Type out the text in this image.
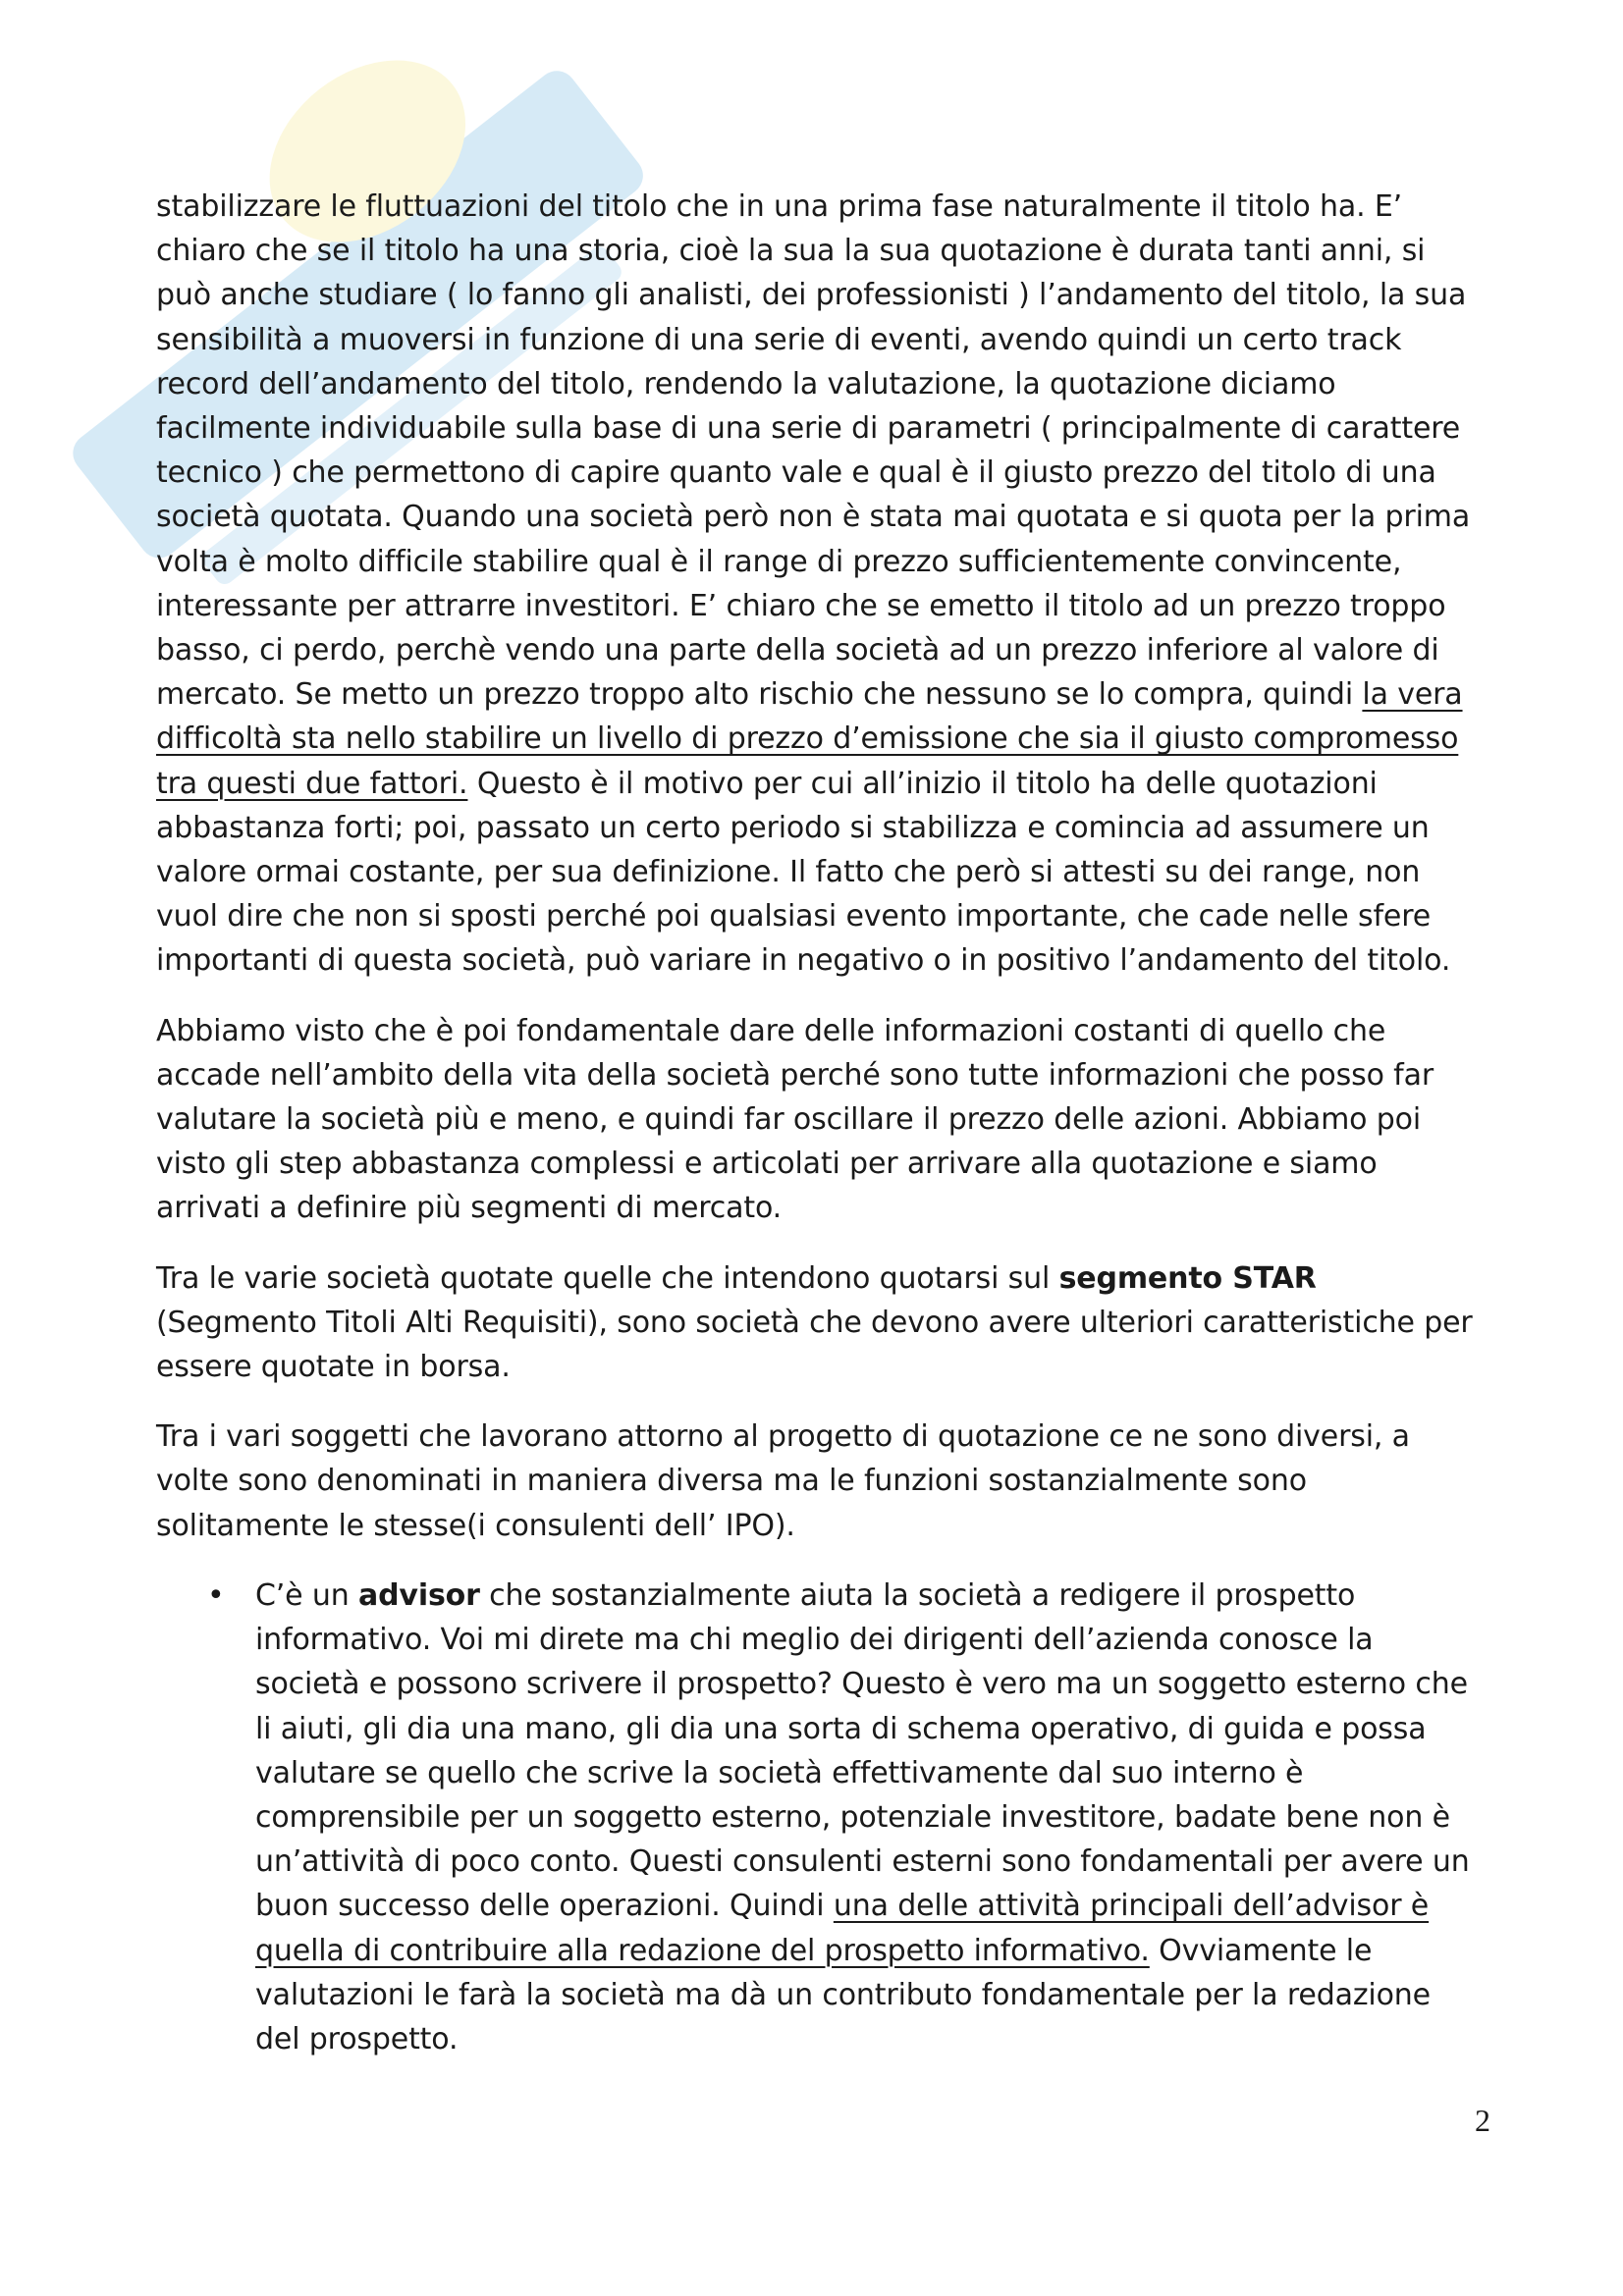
stabilizzare le fluttuazioni del titolo che in una prima fase naturalmente il titolo ha. E’ chiaro che se il titolo ha una storia, cioè la sua la sua quotazione è durata tanti anni, si può anche studiare ( lo fanno gli analisti, dei professionisti ) l’andamento del titolo, la sua sensibilità a muoversi in funzione di una serie di eventi, avendo quindi un certo track record dell’andamento del titolo, rendendo la valutazione, la quotazione diciamo facilmente individuabile sulla base di una serie di parametri ( principalmente di carattere tecnico ) che permettono di capire quanto vale e qual è il giusto prezzo del titolo di una società quotata. Quando una società però non è stata mai quotata e si quota per la prima volta è molto difficile stabilire qual è il range di prezzo sufficientemente convincente, interessante per attrarre investitori. E’ chiaro che se emetto il titolo ad un prezzo troppo basso, ci perdo, perchè vendo una parte della società ad un prezzo inferiore al valore di mercato. Se metto un prezzo troppo alto rischio che nessuno se lo compra, quindi la vera difficoltà sta nello stabilire un livello di prezzo d’emissione che sia il giusto compromesso tra questi due fattori. Questo è il motivo per cui all’inizio il titolo ha delle quotazioni abbastanza forti; poi, passato un certo periodo si stabilizza e comincia ad assumere un valore ormai costante, per sua definizione. Il fatto che però si attesti su dei range, non vuol dire che non si sposti perché poi qualsiasi evento importante, che cade nelle sfere importanti di questa società, può variare in negativo o in positivo l’andamento del titolo.

Abbiamo visto che è poi fondamentale dare delle informazioni costanti di quello che accade nell’ambito della vita della società perché sono tutte informazioni che posso far valutare la società più e meno, e quindi far oscillare il prezzo delle azioni. Abbiamo poi visto gli step abbastanza complessi e articolati per arrivare alla quotazione e siamo arrivati a definire più segmenti di mercato.

Tra le varie società quotate quelle che intendono quotarsi sul segmento STAR (Segmento Titoli Alti Requisiti), sono società che devono avere ulteriori caratteristiche per essere quotate in borsa.

Tra i vari soggetti che lavorano attorno al progetto di quotazione ce ne sono diversi, a volte sono denominati in maniera diversa ma le funzioni sostanzialmente sono solitamente le stesse(i consulenti dell’ IPO).

• C’è un advisor che sostanzialmente aiuta la società a redigere il prospetto informativo. Voi mi direte ma chi meglio dei dirigenti dell’azienda conosce la società e possono scrivere il prospetto? Questo è vero ma un soggetto esterno che li aiuti, gli dia una mano, gli dia una sorta di schema operativo, di guida e possa valutare se quello che scrive la società effettivamente dal suo interno è comprensibile per un soggetto esterno, potenziale investitore, badate bene non è un’attività di poco conto. Questi consulenti esterni sono fondamentali per avere un buon successo delle operazioni. Quindi una delle attività principali dell’advisor è quella di contribuire alla redazione del prospetto informativo. Ovviamente le valutazioni le farà la società ma dà un contributo fondamentale per la redazione del prospetto.
2
